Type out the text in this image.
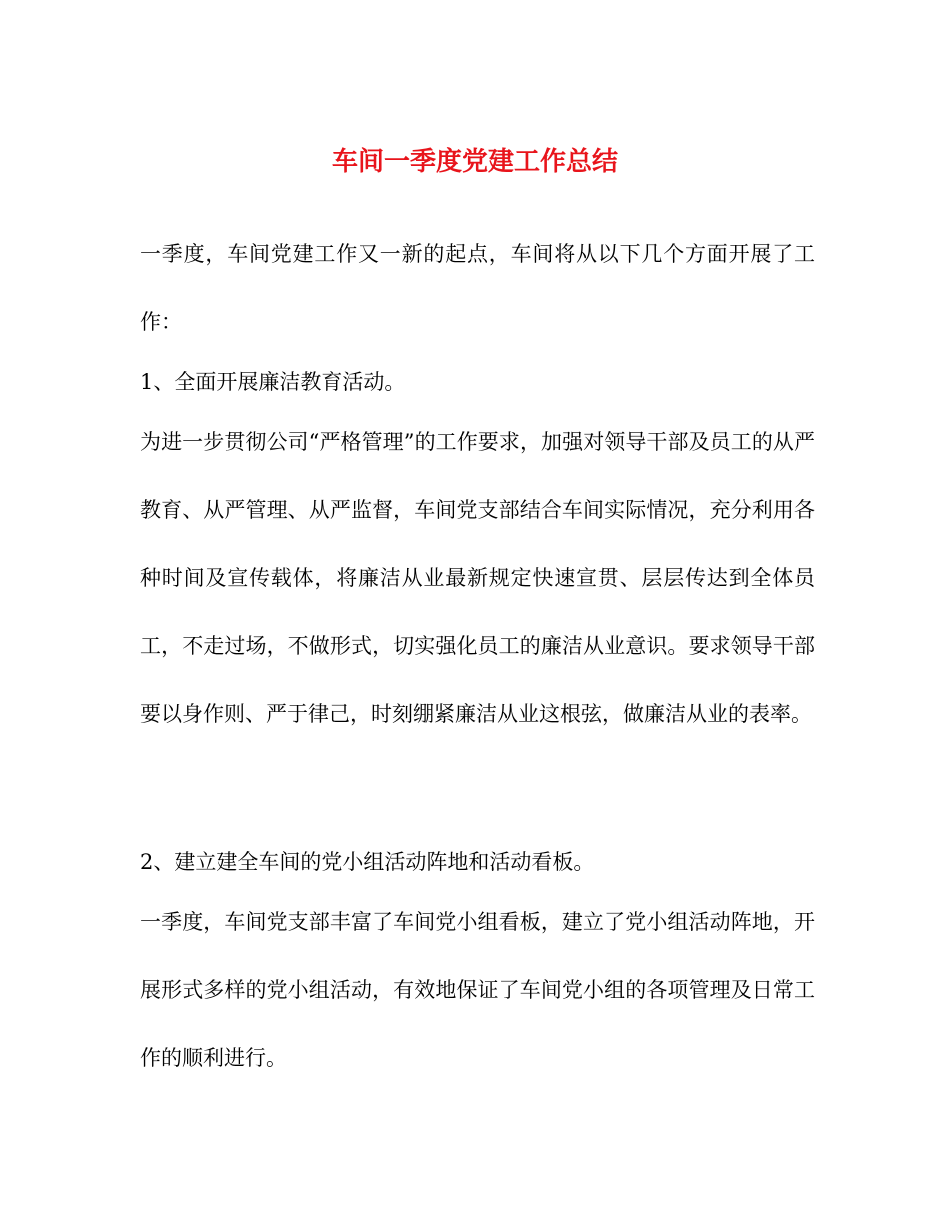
车间一季度党建工作总结

一季度，车间党建工作又一新的起点，车间将从以下几个方面开展了工作：

1、全面开展廉洁教育活动。

为进一步贯彻公司“严格管理”的工作要求，加强对领导干部及员工的从严教育、从严管理、从严监督，车间党支部结合车间实际情况，充分利用各种时间及宣传载体，将廉洁从业最新规定快速宣贯、层层传达到全体员工，不走过场，不做形式，切实强化员工的廉洁从业意识。要求领导干部要以身作则、严于律己，时刻绷紧廉洁从业这根弦，做廉洁从业的表率。

2、建立建全车间的党小组活动阵地和活动看板。

一季度，车间党支部丰富了车间党小组看板，建立了党小组活动阵地，开展形式多样的党小组活动，有效地保证了车间党小组的各项管理及日常工作的顺利进行。
